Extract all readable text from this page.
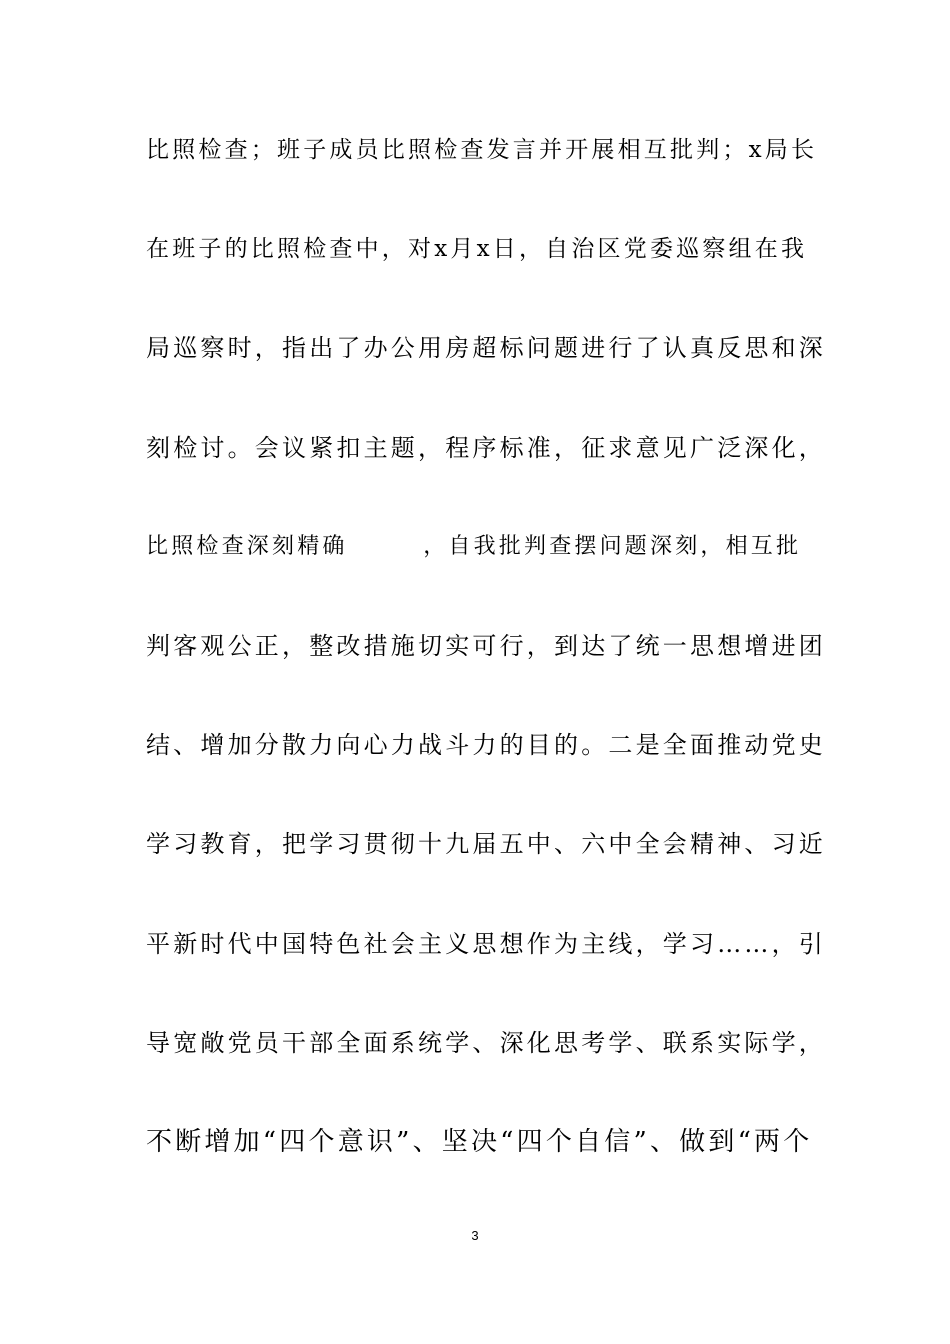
比照检查；班子成员比照检查发言并开展相互批判；x局长
在班子的比照检查中，对x月x日，自治区党委巡察组在我
局巡察时，指出了办公用房超标问题进行了认真反思和深
刻检讨。会议紧扣主题，程序标准，征求意见广泛深化，
比照检查深刻精确　　　，自我批判查摆问题深刻，相互批
判客观公正，整改措施切实可行，到达了统一思想增进团
结、增加分散力向心力战斗力的目的。二是全面推动党史
学习教育，把学习贯彻十九届五中、六中全会精神、习近
平新时代中国特色社会主义思想作为主线，学习……，引
导宽敞党员干部全面系统学、深化思考学、联系实际学，
不断增加“四个意识”、坚决“四个自信”、做到“两个
3
